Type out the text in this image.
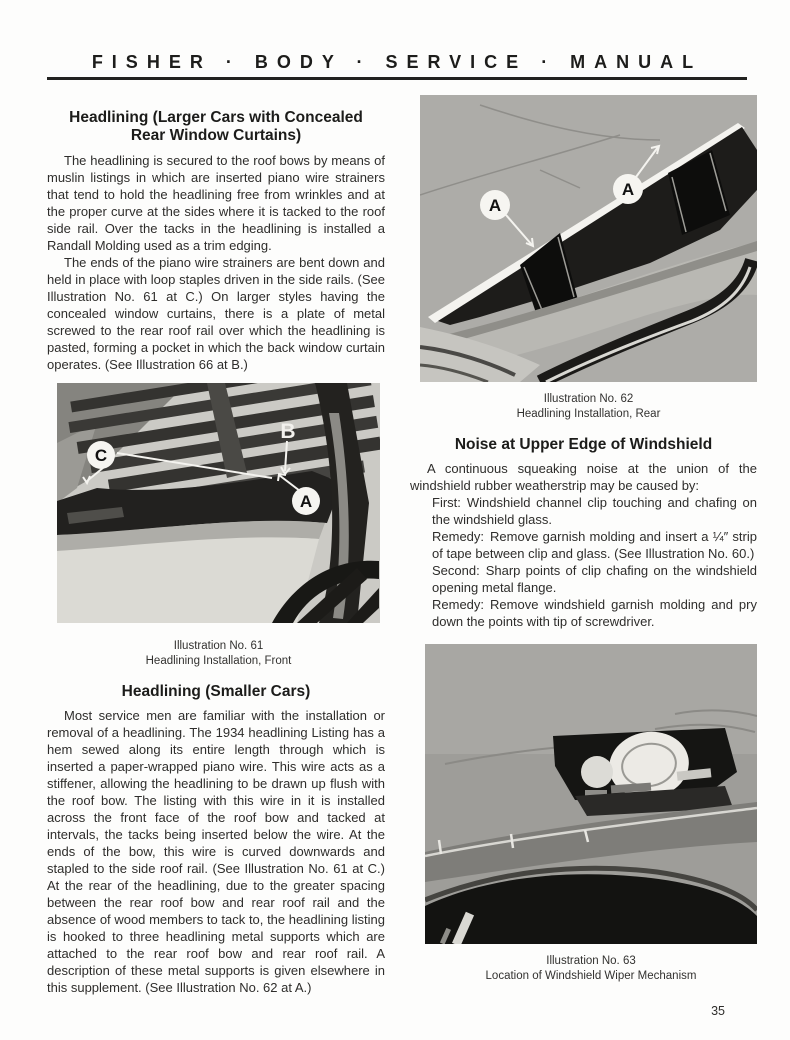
FISHER · BODY · SERVICE · MANUAL
Headlining (Larger Cars with Concealed
Rear Window Curtains)

The headlining is secured to the roof bows by means of muslin listings in which are inserted piano wire strainers that tend to hold the headlining free from wrinkles and at the proper curve at the sides where it is tacked to the roof side rail. Over the tacks in the headlining is installed a Randall Molding used as a trim edging.

The ends of the piano wire strainers are bent down and held in place with loop staples driven in the side rails. (See Illustration No. 61 at C.) On larger styles having the concealed window curtains, there is a plate of metal screwed to the rear roof rail over which the headlining is pasted, forming a pocket in which the back window curtain operates. (See Illustration 66 at B.)

C
B
A
Illustration No. 61
Headlining Installation, Front
Headlining (Smaller Cars)

Most service men are familiar with the installation or removal of a headlining. The 1934 headlining Listing has a hem sewed along its entire length through which is inserted a paper-wrapped piano wire. This wire acts as a stiffener, allowing the headlining to be drawn up flush with the roof bow. The listing with this wire in it is installed across the front face of the roof bow and tacked at intervals, the tacks being inserted below the wire. At the ends of the bow, this wire is curved downwards and stapled to the side roof rail. (See Illustration No. 61 at C.) At the rear of the headlining, due to the greater spacing between the rear roof bow and rear roof rail and the absence of wood members to tack to, the headlining listing is hooked to three headlining metal supports which are attached to the rear roof bow and rear roof rail. A description of these metal supports is given elsewhere in this supplement. (See Illustration No. 62 at A.)

A
A
Illustration No. 62
Headlining Installation, Rear
Noise at Upper Edge of Windshield

A continuous squeaking noise at the union of the windshield rubber weatherstrip may be caused by:

First: Windshield channel clip touching and chafing on the windshield glass.
Remedy: Remove garnish molding and insert a ¼″ strip of tape between clip and glass. (See Illustration No. 60.)
Second: Sharp points of clip chafing on the windshield opening metal flange.
Remedy: Remove windshield garnish molding and pry down the points with tip of screwdriver.
Illustration No. 63
Location of Windshield Wiper Mechanism
35
